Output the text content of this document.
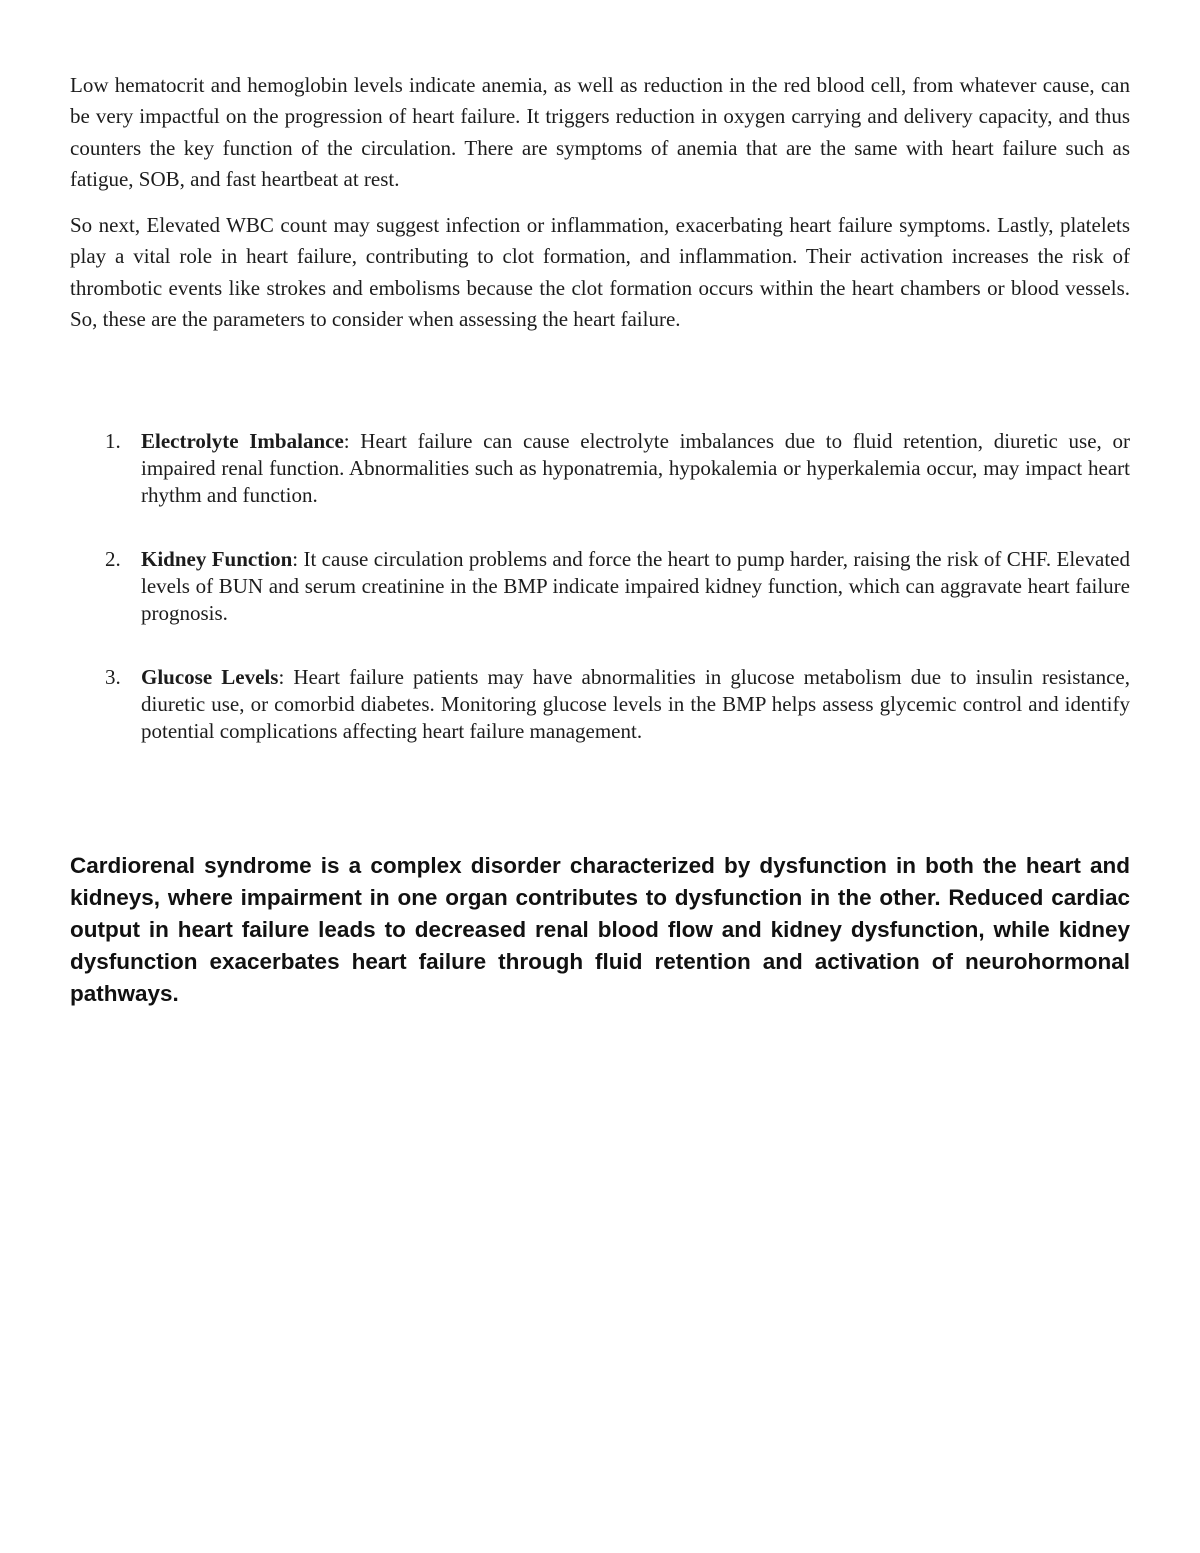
Low hematocrit and hemoglobin levels indicate anemia, as well as reduction in the red blood cell, from whatever cause, can be very impactful on the progression of heart failure. It triggers reduction in oxygen carrying and delivery capacity, and thus counters the key function of the circulation. There are symptoms of anemia that are the same with heart failure such as fatigue, SOB, and fast heartbeat at rest.

So next, Elevated WBC count may suggest infection or inflammation, exacerbating heart failure symptoms. Lastly, platelets play a vital role in heart failure, contributing to clot formation, and inflammation. Their activation increases the risk of thrombotic events like strokes and embolisms because the clot formation occurs within the heart chambers or blood vessels. So, these are the parameters to consider when assessing the heart failure.

1. Electrolyte Imbalance: Heart failure can cause electrolyte imbalances due to fluid retention, diuretic use, or impaired renal function. Abnormalities such as hyponatremia, hypokalemia or hyperkalemia occur, may impact heart rhythm and function.
2. Kidney Function: It cause circulation problems and force the heart to pump harder, raising the risk of CHF. Elevated levels of BUN and serum creatinine in the BMP indicate impaired kidney function, which can aggravate heart failure prognosis.
3. Glucose Levels: Heart failure patients may have abnormalities in glucose metabolism due to insulin resistance, diuretic use, or comorbid diabetes. Monitoring glucose levels in the BMP helps assess glycemic control and identify potential complications affecting heart failure management.

Cardiorenal syndrome is a complex disorder characterized by dysfunction in both the heart and kidneys, where impairment in one organ contributes to dysfunction in the other. Reduced cardiac output in heart failure leads to decreased renal blood flow and kidney dysfunction, while kidney dysfunction exacerbates heart failure through fluid retention and activation of neurohormonal pathways.
